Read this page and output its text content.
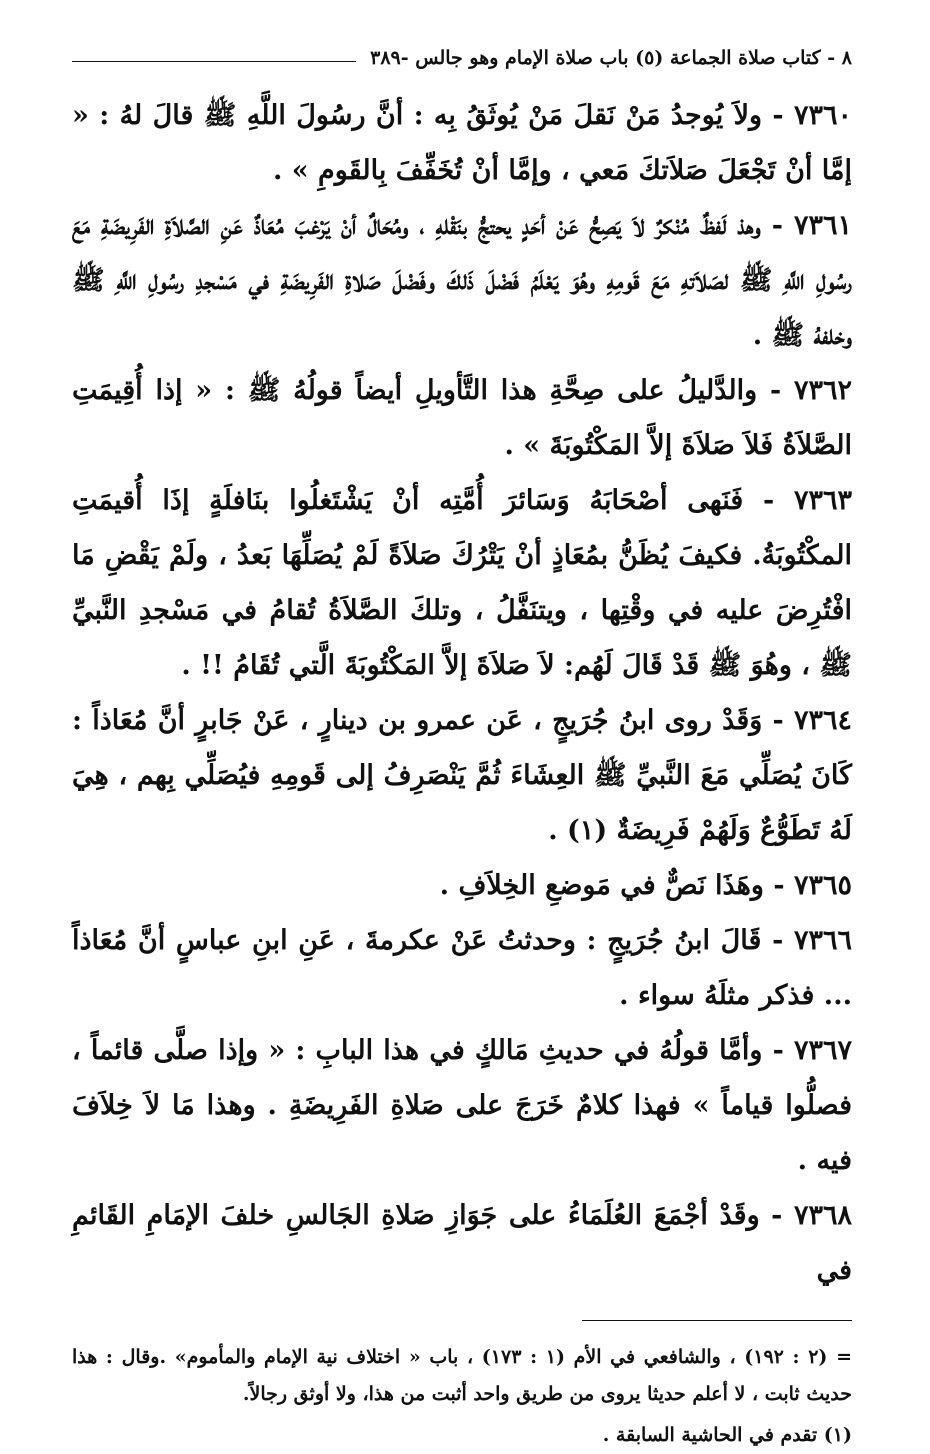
٨ - كتاب صلاة الجماعة (٥) باب صلاة الإمام وهو جالس -٣٨٩

٧٣٦٠ - ولاَ يُوجدُ مَنْ نَقلَ مَنْ يُوثَقُ بِه : أنَّ رسُولَ اللَّهِ ﷺ قالَ لهُ : « إمَّا أنْ تَجْعَلَ صَلاَتكَ مَعي ، وإمَّا أنْ تُخَفِّفَ بِالقَومِ » .

٧٣٦١ - وهذ لَفظٌ مُنْكرٌ لاَ يَصِحُّ عَنْ أحَدٍ يحتجُّ بنَقْلهِ ، ومُحَالٌ أنْ يَرْغبَ مُعَاذٌ عَنِ الصَّلاَةِ الفَرِيضَةِ مَعَ رسُولِ اللَّهِ ﷺ لصَلاَتهِ مَعَ قَومِهِ وهُوَ يَعْلَمُ فَضْلَ ذَلكَ وفَضْلَ صَلاةِ الفَرِيضَةِ في مَسْجدِ رسُولِ اللَّهِ ﷺ وخلفهُ ﷺ .

٧٣٦٢ - والدَّليلُ على صِحَّةِ هذا التَّأويلِ أيضاً قولُهُ ﷺ : « إذا أُقِيمَتِ الصَّلاَةُ فَلاَ صَلاَةَ إلاَّ المَكْتُوبَةَ » .

٧٣٦٣ - فَنَهى أصْحَابَهُ وَسَائرَ أُمَّتِه أنْ يَشْتَغلُوا بنَافلَةٍ إذَا أُقيمَتِ المكْتُوبَةُ. فكيفَ يُظَنُّ بمُعَاذٍ أنْ يَتْرُكَ صَلاَةً لَمْ يُصَلِّهَا بَعدُ ، ولَمْ يَقْضِ مَا افْتُرِضَ عليه في وقْتِها ، ويتنَفَّلُ ، وتلكَ الصَّلاَةُ تُقامُ في مَسْجدِ النَّبيِّ ﷺ ، وهُوَ ﷺ قَدْ قَالَ لَهُم: لاَ صَلاَةَ إلاَّ المَكْتُوبَةَ الَّتي تُقَامُ !! .

٧٣٦٤ - وَقَدْ روى ابنُ جُرَيجٍ ، عَن عمرو بن دينارٍ ، عَنْ جَابرٍ أنَّ مُعَاذاً : كَانَ يُصَلِّي مَعَ النَّبيِّ ﷺ العِشَاءَ ثُمَّ يَنْصَرِفُ إلى قَومِهِ فيُصَلِّي بِهم ، هِيَ لَهُ تَطَوُّعٌ وَلَهُمْ فَرِيضَةٌ (١) .

٧٣٦٥ - وهَذَا نَصٌّ في مَوضعِ الخِلاَفِ .

٧٣٦٦ - قَالَ ابنُ جُرَيجٍ : وحدثتُ عَنْ عكرمةَ ، عَنِ ابنِ عباسٍ أنَّ مُعَاذاً ... فذكر مثلَهُ سواء .

٧٣٦٧ - وأمَّا قولُهُ في حديثِ مَالكٍ في هذا البابِ : « وإذا صلَّى قائماً ، فصلُّوا قياماً » فهذا كلامٌ خَرَجَ على صَلاةِ الفَرِيضَةِ . وهذا مَا لاَ خِلاَفَ فيه .

٧٣٦٨ - وقَدْ أجْمَعَ العُلَمَاءُ على جَوَازِ صَلاةِ الجَالسِ خلفَ الإمَامِ القَائمِ في

= (٢ : ١٩٢) ، والشافعي في الأم (١ : ١٧٣) ، باب « اختلاف نية الإمام والمأموم» .وقال : هذا حديث ثابت ، لا أعلم حديثا يروى من طريق واحد أثبت من هذا، ولا أوثق رجالاً.

(١) تقدم في الحاشية السابقة .
